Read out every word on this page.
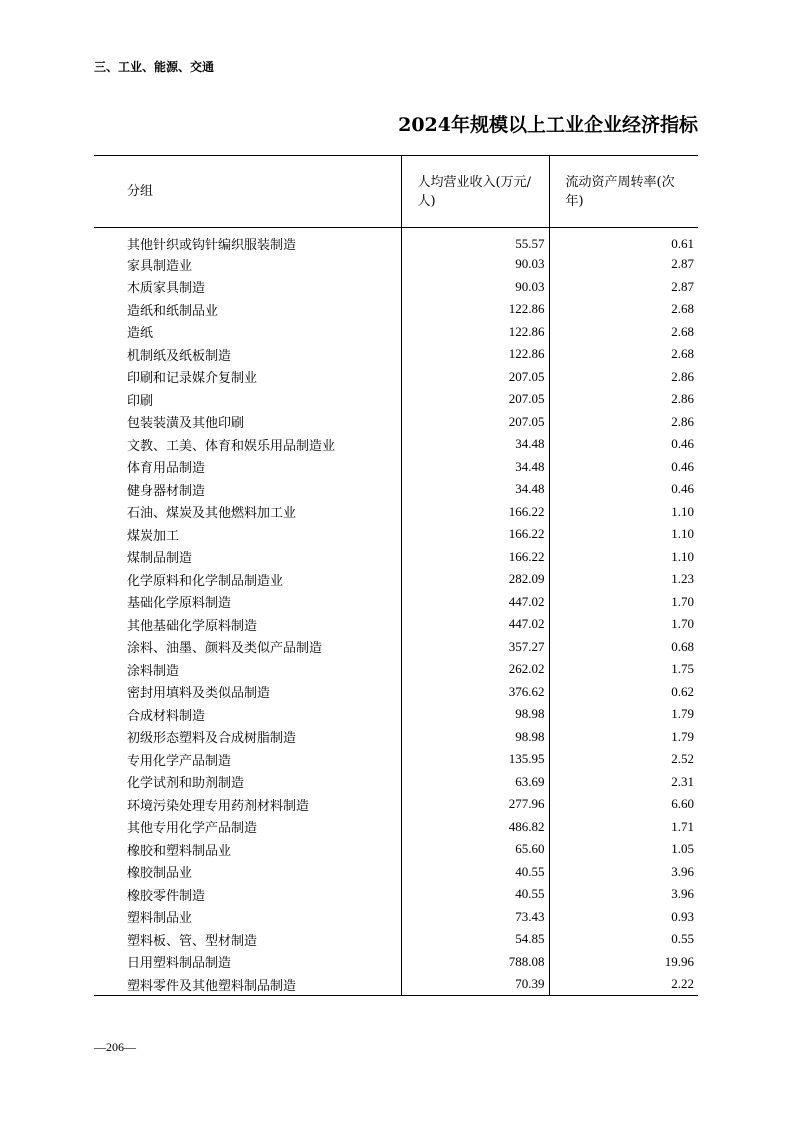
三、工业、能源、交通
2024年规模以上工业企业经济指标
分组	人均营业收入(万元/人)	流动资产周转率(次年)
其他针织或钩针编织服装制造	55.57	0.61
家具制造业	90.03	2.87
木质家具制造	90.03	2.87
造纸和纸制品业	122.86	2.68
造纸	122.86	2.68
机制纸及纸板制造	122.86	2.68
印刷和记录媒介复制业	207.05	2.86
印刷	207.05	2.86
包装装潢及其他印刷	207.05	2.86
文教、工美、体育和娱乐用品制造业	34.48	0.46
体育用品制造	34.48	0.46
健身器材制造	34.48	0.46
石油、煤炭及其他燃料加工业	166.22	1.10
煤炭加工	166.22	1.10
煤制品制造	166.22	1.10
化学原料和化学制品制造业	282.09	1.23
基础化学原料制造	447.02	1.70
其他基础化学原料制造	447.02	1.70
涂料、油墨、颜料及类似产品制造	357.27	0.68
涂料制造	262.02	1.75
密封用填料及类似品制造	376.62	0.62
合成材料制造	98.98	1.79
初级形态塑料及合成树脂制造	98.98	1.79
专用化学产品制造	135.95	2.52
化学试剂和助剂制造	63.69	2.31
环境污染处理专用药剂材料制造	277.96	6.60
其他专用化学产品制造	486.82	1.71
橡胶和塑料制品业	65.60	1.05
橡胶制品业	40.55	3.96
橡胶零件制造	40.55	3.96
塑料制品业	73.43	0.93
塑料板、管、型材制造	54.85	0.55
日用塑料制品制造	788.08	19.96
塑料零件及其他塑料制品制造	70.39	2.22
—206—
